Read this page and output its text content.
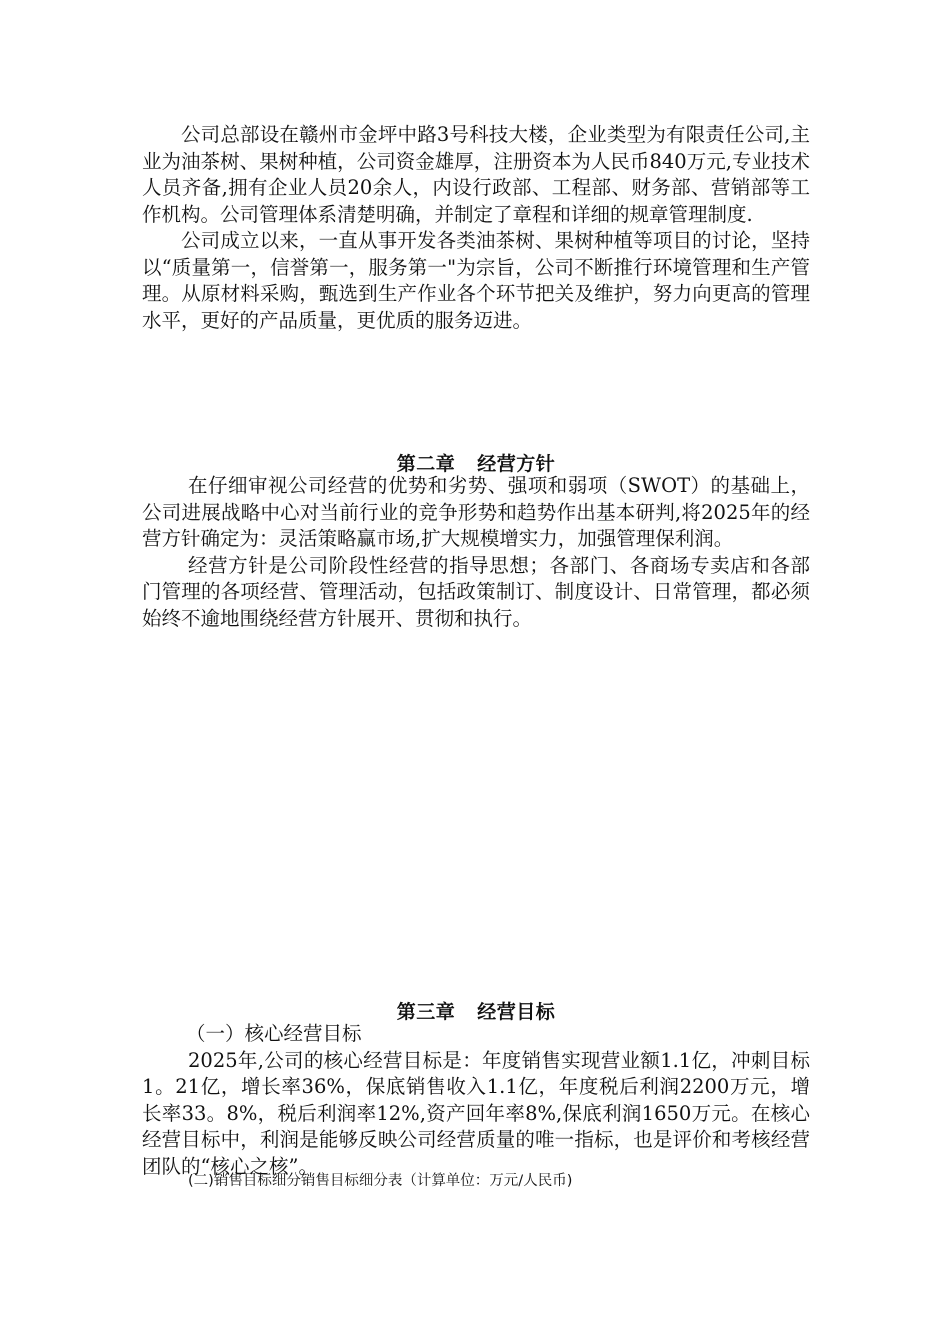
公司总部设在赣州市金坪中路3号科技大楼，企业类型为有限责任公司,主业为油茶树、果树种植，公司资金雄厚，注册资本为人民币840万元,专业技术人员齐备,拥有企业人员20余人，内设行政部、工程部、财务部、营销部等工作机构。公司管理体系清楚明确，并制定了章程和详细的规章管理制度.

公司成立以来，一直从事开发各类油茶树、果树种植等项目的讨论，坚持以“质量第一，信誉第一，服务第一"为宗旨，公司不断推行环境管理和生产管理。从原材料采购，甄选到生产作业各个环节把关及维护，努力向更高的管理水平，更好的产品质量，更优质的服务迈进。

第二章 经营方针

在仔细审视公司经营的优势和劣势、强项和弱项（SWOT）的基础上，公司进展战略中心对当前行业的竞争形势和趋势作出基本研判,将2025年的经营方针确定为：灵活策略赢市场,扩大规模增实力，加强管理保利润。

经营方针是公司阶段性经营的指导思想；各部门、各商场专卖店和各部门管理的各项经营、管理活动，包括政策制订、制度设计、日常管理，都必须始终不逾地围绕经营方针展开、贯彻和执行。

第三章 经营目标

（一）核心经营目标

2025年,公司的核心经营目标是：年度销售实现营业额1.1亿，冲刺目标1。21亿，增长率36%，保底销售收入1.1亿，年度税后利润2200万元，增长率33。8%，税后利润率12%,资产回年率8%,保底利润1650万元。在核心经营目标中，利润是能够反映公司经营质量的唯一指标，也是评价和考核经营团队的“核心之核”。

(二)销售目标细分销售目标细分表（计算单位：万元/人民币)
